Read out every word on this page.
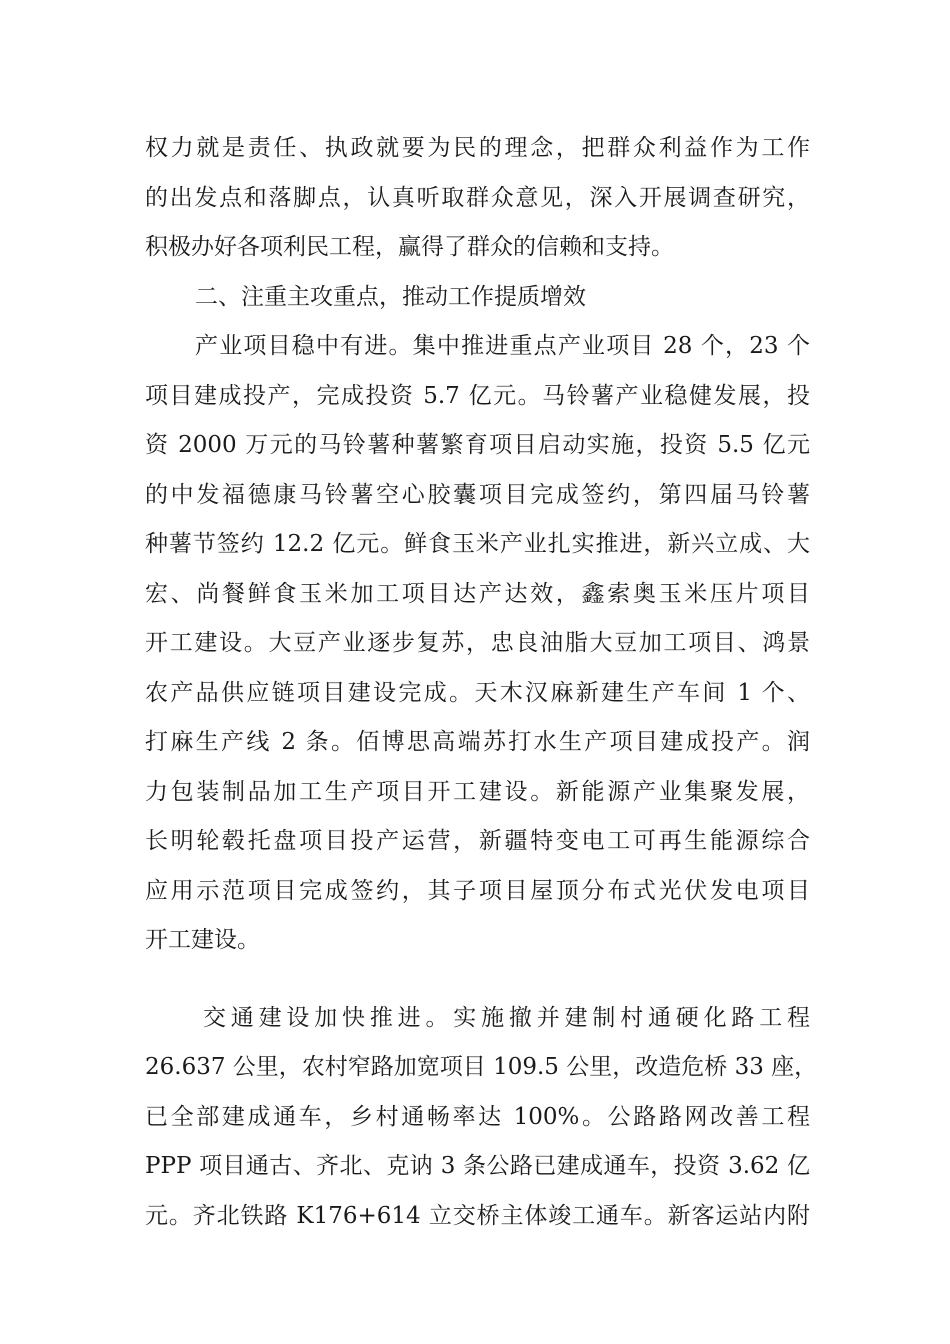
权力就是责任、执政就要为民的理念，把群众利益作为工作
的出发点和落脚点，认真听取群众意见，深入开展调查研究，
积极办好各项利民工程，赢得了群众的信赖和支持。
二、注重主攻重点，推动工作提质增效
产业项目稳中有进。集中推进重点产业项目 28 个，23 个
项目建成投产，完成投资 5.7 亿元。马铃薯产业稳健发展，投
资 2000 万元的马铃薯种薯繁育项目启动实施，投资 5.5 亿元
的中发福德康马铃薯空心胶囊项目完成签约，第四届马铃薯
种薯节签约 12.2 亿元。鲜食玉米产业扎实推进，新兴立成、大
宏、尚餐鲜食玉米加工项目达产达效，鑫索奥玉米压片项目
开工建设。大豆产业逐步复苏，忠良油脂大豆加工项目、鸿景
农产品供应链项目建设完成。天木汉麻新建生产车间 1 个、
打麻生产线 2 条。佰博思高端苏打水生产项目建成投产。润
力包装制品加工生产项目开工建设。新能源产业集聚发展，
长明轮毂托盘项目投产运营，新疆特变电工可再生能源综合
应用示范项目完成签约，其子项目屋顶分布式光伏发电项目
开工建设。
交通建设加快推进。实施撤并建制村通硬化路工程
26.637 公里，农村窄路加宽项目 109.5 公里，改造危桥 33 座，
已全部建成通车，乡村通畅率达 100%。公路路网改善工程
PPP 项目通古、齐北、克讷 3 条公路已建成通车，投资 3.62 亿
元。齐北铁路 K176+614 立交桥主体竣工通车。新客运站内附
